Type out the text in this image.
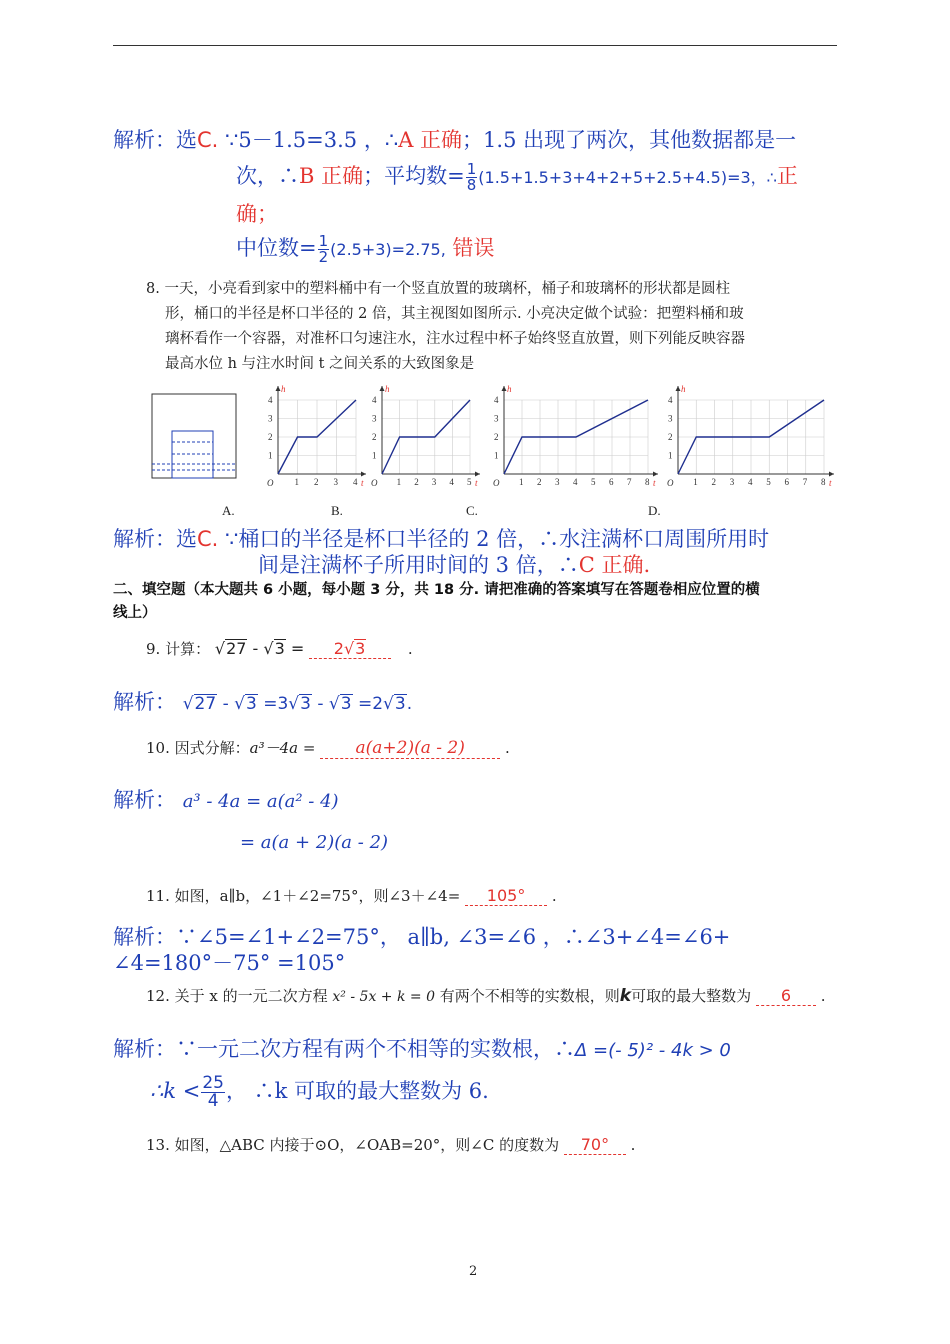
解析：选C. ∵5－1.5=3.5 ，∴A 正确；1.5 出现了两次，其他数据都是一
次，∴B 正确；平均数= $\frac{1}{8} (1.5+1.5+3+4+2+5+2.5+4.5)=3$，∴正
确；
中位数= $\frac{1}{2} (2.5+3)=2.75$, 错误
8. 一天，小亮看到家中的塑料桶中有一个竖直放置的玻璃杯，桶子和玻璃杯的形状都是圆柱
形，桶口的半径是杯口半径的 2 倍，其主视图如图所示. 小亮决定做个试验：把塑料桶和玻
璃杯看作一个容器，对准杯口匀速注水，注水过程中杯子始终竖直放置，则下列能反映容器
最高水位 h 与注水时间 t 之间关系的大致图象是
1 2 3 4
1
2
3
4
O	t
h
1 2 3 4 5
1
2
3
4
O	t
h
1 2 3 4 5 6 7 8
1
2
3
4
O	t
h
1 2 3 4 5 6 7 8
1
2
3
4
O	t
h
A.	B.	C.	D.
解析：选C. ∵桶口的半径是杯口半径的 2 倍，∴水注满杯口周围所用时
间是注满杯子所用时间的 3 倍，∴C 正确.
二、填空题（本大题共 6 小题，每小题 3 分，共 18 分. 请把准确的答案填写在答题卷相应位置的横
线上）
9. 计算： √27 - √3 = 2√3	.
解析： √27 - √3 =3√3 - √3 =2√3.
10. 因式分解：a³－4a = a(a+2)(a - 2)	.
解析： a³ - 4a = a(a² - 4)
= a(a + 2)(a - 2)
11. 如图，a∥b，∠1＋∠2=75°，则∠3＋∠4= 105° .
解析：∵∠5=∠1+∠2=75°， a∥b, ∠3=∠6 ，∴∠3+∠4=∠6+
∠4=180°－75° =105°
12. 关于 x 的一元二次方程 x² - 5x + k = 0 有两个不相等的实数根，则k可取的最大整数为 6 .
解析：∵一元二次方程有两个不相等的实数根，∴Δ =(- 5)² - 4k > 0
∴k < $\frac{25}{4}$ ， ∴k 可取的最大整数为 6.
13. 如图，△ABC 内接于⊙O，∠OAB=20°，则∠C 的度数为 70° .
2
